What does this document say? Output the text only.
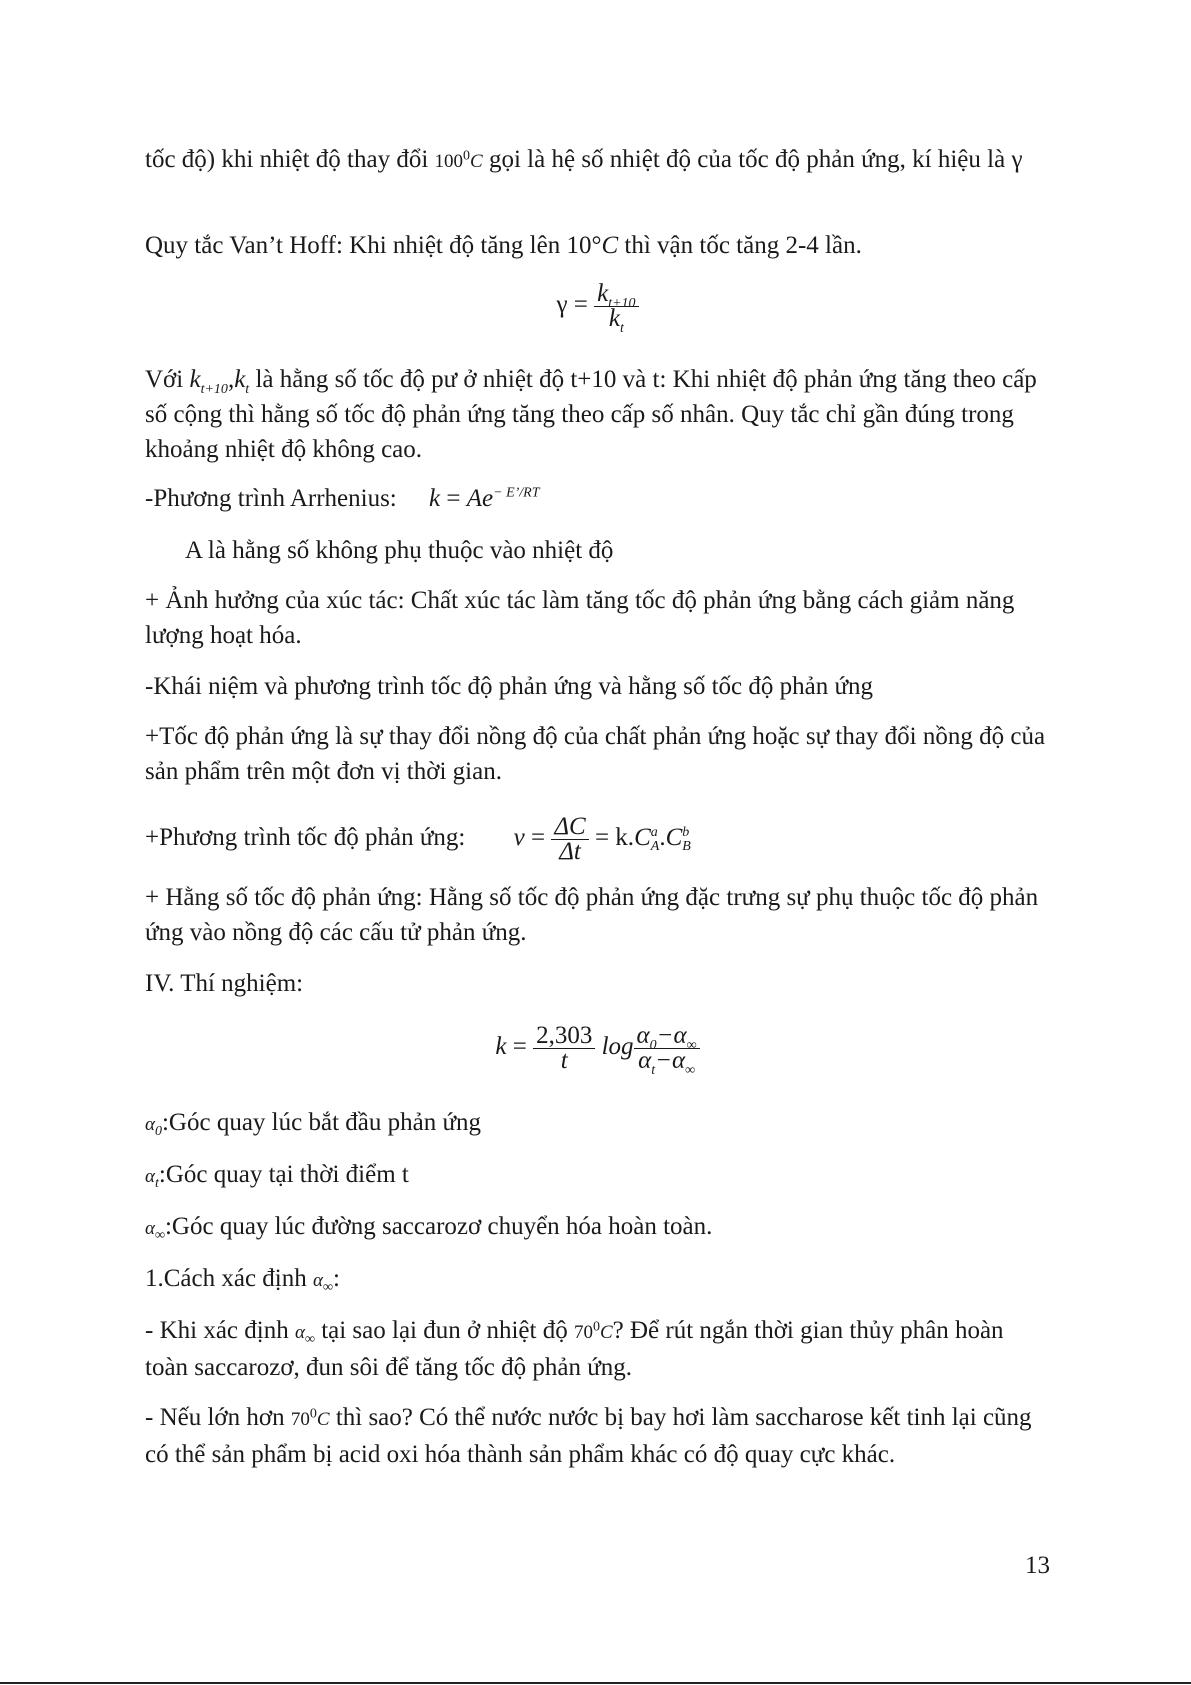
tốc độ) khi nhiệt độ thay đổi $100^0C$ gọi là hệ số nhiệt độ của tốc độ phản ứng, kí hiệu là γ

Quy tắc Van’t Hoff: Khi nhiệt độ tăng lên 10°C thì vận tốc tăng 2-4 lần.

$\gamma = \frac{k_{t+10}}{k_t}$

Với $k_{t+10},k_t$ là hằng số tốc độ pư ở nhiệt độ t+10 và t: Khi nhiệt độ phản ứng tăng theo cấp số cộng thì hằng số tốc độ phản ứng tăng theo cấp số nhân. Quy tắc chỉ gần đúng trong khoảng nhiệt độ không cao.

-Phương trình Arrhenius: $k = Ae^{- E’/RT}$

A là hằng số không phụ thuộc vào nhiệt độ

+ Ảnh hưởng của xúc tác: Chất xúc tác làm tăng tốc độ phản ứng bằng cách giảm năng lượng hoạt hóa.

-Khái niệm và phương trình tốc độ phản ứng và hằng số tốc độ phản ứng

+Tốc độ phản ứng là sự thay đổi nồng độ của chất phản ứng hoặc sự thay đổi nồng độ của sản phẩm trên một đơn vị thời gian.

+Phương trình tốc độ phản ứng: $v = \frac{\Delta C}{\Delta t} = k.C$ a
A .C b
B

+ Hằng số tốc độ phản ứng: Hằng số tốc độ phản ứng đặc trưng sự phụ thuộc tốc độ phản ứng vào nồng độ các cấu tử phản ứng.

IV. Thí nghiệm:

$k = \frac{2,303}{t}$ $\log \frac{\alpha_0-\alpha_\infty}{\alpha_t-\alpha_\infty}$

$\alpha_0:Góc$ quay lúc bắt đầu phản ứng

$\alpha_t:Góc$ quay tại thời điểm t

$\alpha_\infty:Góc$ quay lúc đường saccarozơ chuyển hóa hoàn toàn.

1.Cách xác định $\alpha_\infty$:

- Khi xác định $\alpha_\infty$ tại sao lại đun ở nhiệt độ $70^0C$? Để rút ngắn thời gian thủy phân hoàn toàn saccarozơ, đun sôi để tăng tốc độ phản ứng.

- Nếu lớn hơn $70^0C$ thì sao? Có thể nước nước bị bay hơi làm saccharose kết tinh lại cũng có thể sản phẩm bị acid oxi hóa thành sản phẩm khác có độ quay cực khác.

13
